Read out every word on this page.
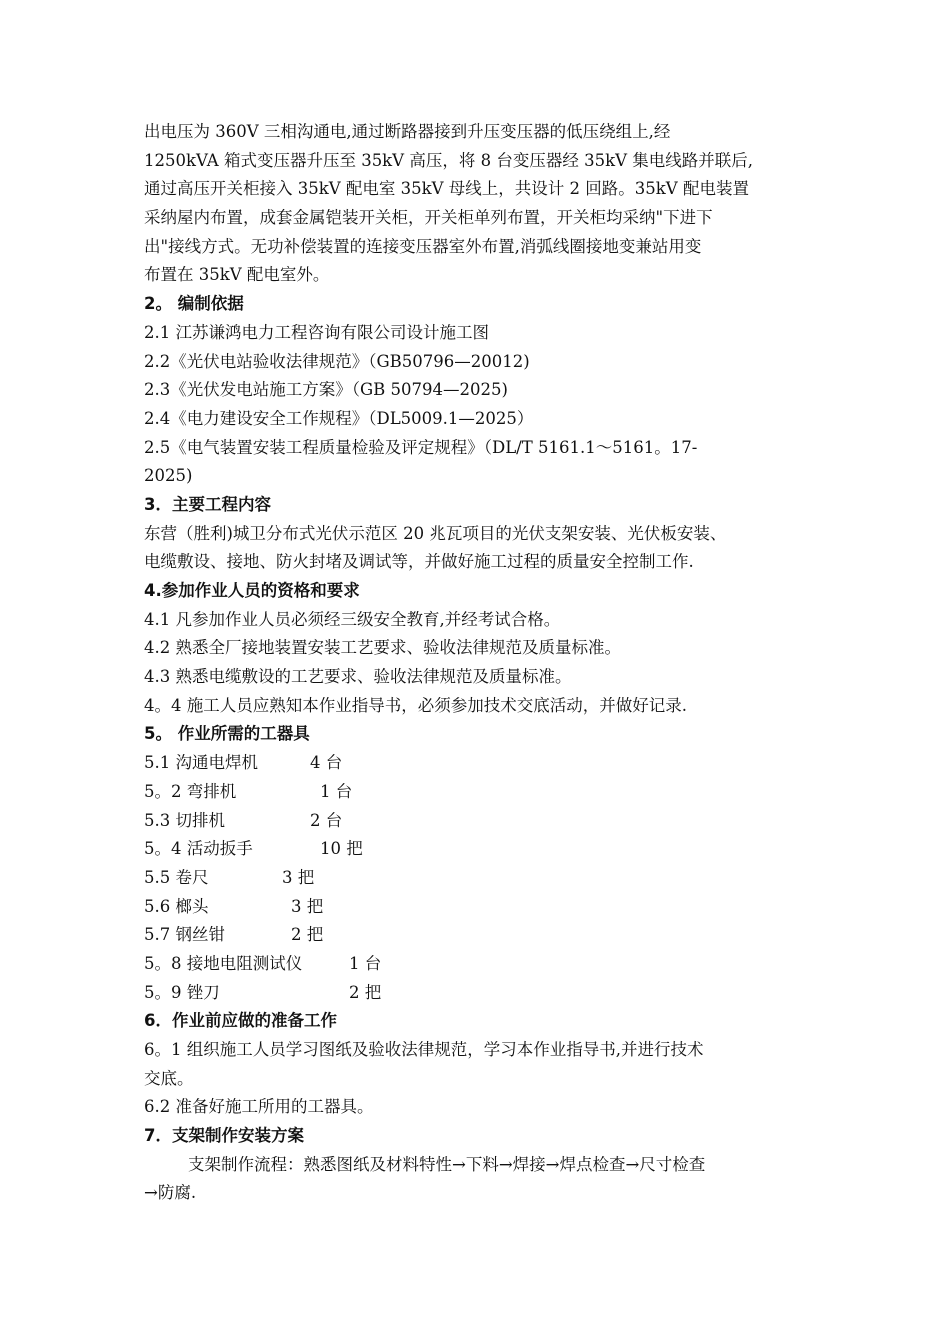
出电压为 360V 三相沟通电,通过断路器接到升压变压器的低压绕组上,经
1250kVA 箱式变压器升压至 35kV 高压，将 8 台变压器经 35kV 集电线路并联后,
通过高压开关柜接入 35kV 配电室 35kV 母线上，共设计 2 回路。35kV 配电装置
采纳屋内布置，成套金属铠装开关柜，开关柜单列布置，开关柜均采纳"下进下
出"接线方式。无功补偿装置的连接变压器室外布置,消弧线圈接地变兼站用变
布置在 35kV 配电室外。
2。 编制依据
2.1 江苏谦鸿电力工程咨询有限公司设计施工图
2.2《光伏电站验收法律规范》（GB50796—20012)
2.3《光伏发电站施工方案》（GB 50794—2025)
2.4《电力建设安全工作规程》（DL5009.1—2025）
2.5《电气装置安装工程质量检验及评定规程》（DL/T 5161.1～5161。17-
2025)
3．主要工程内容
东营（胜利)城卫分布式光伏示范区 20 兆瓦项目的光伏支架安装、光伏板安装、
电缆敷设、接地、防火封堵及调试等，并做好施工过程的质量安全控制工作.
4.参加作业人员的资格和要求
4.1 凡参加作业人员必须经三级安全教育,并经考试合格。
4.2 熟悉全厂接地装置安装工艺要求、验收法律规范及质量标准。
4.3 熟悉电缆敷设的工艺要求、验收法律规范及质量标准。
4。4 施工人员应熟知本作业指导书，必须参加技术交底活动，并做好记录.
5。 作业所需的工器具
5.1 沟通电焊机	4 台
5。2 弯排机	1 台
5.3 切排机	2 台
5。4 活动扳手	10 把
5.5 卷尺	3 把
5.6 榔头	3 把
5.7 钢丝钳	2 把
5。8 接地电阻测试仪	1 台
5。9 锉刀	2 把
6．作业前应做的准备工作
6。1 组织施工人员学习图纸及验收法律规范，学习本作业指导书,并进行技术
交底。
6.2 准备好施工所用的工器具。
7．支架制作安装方案
支架制作流程：熟悉图纸及材料特性→下料→焊接→焊点检查→尺寸检查
→防腐.
